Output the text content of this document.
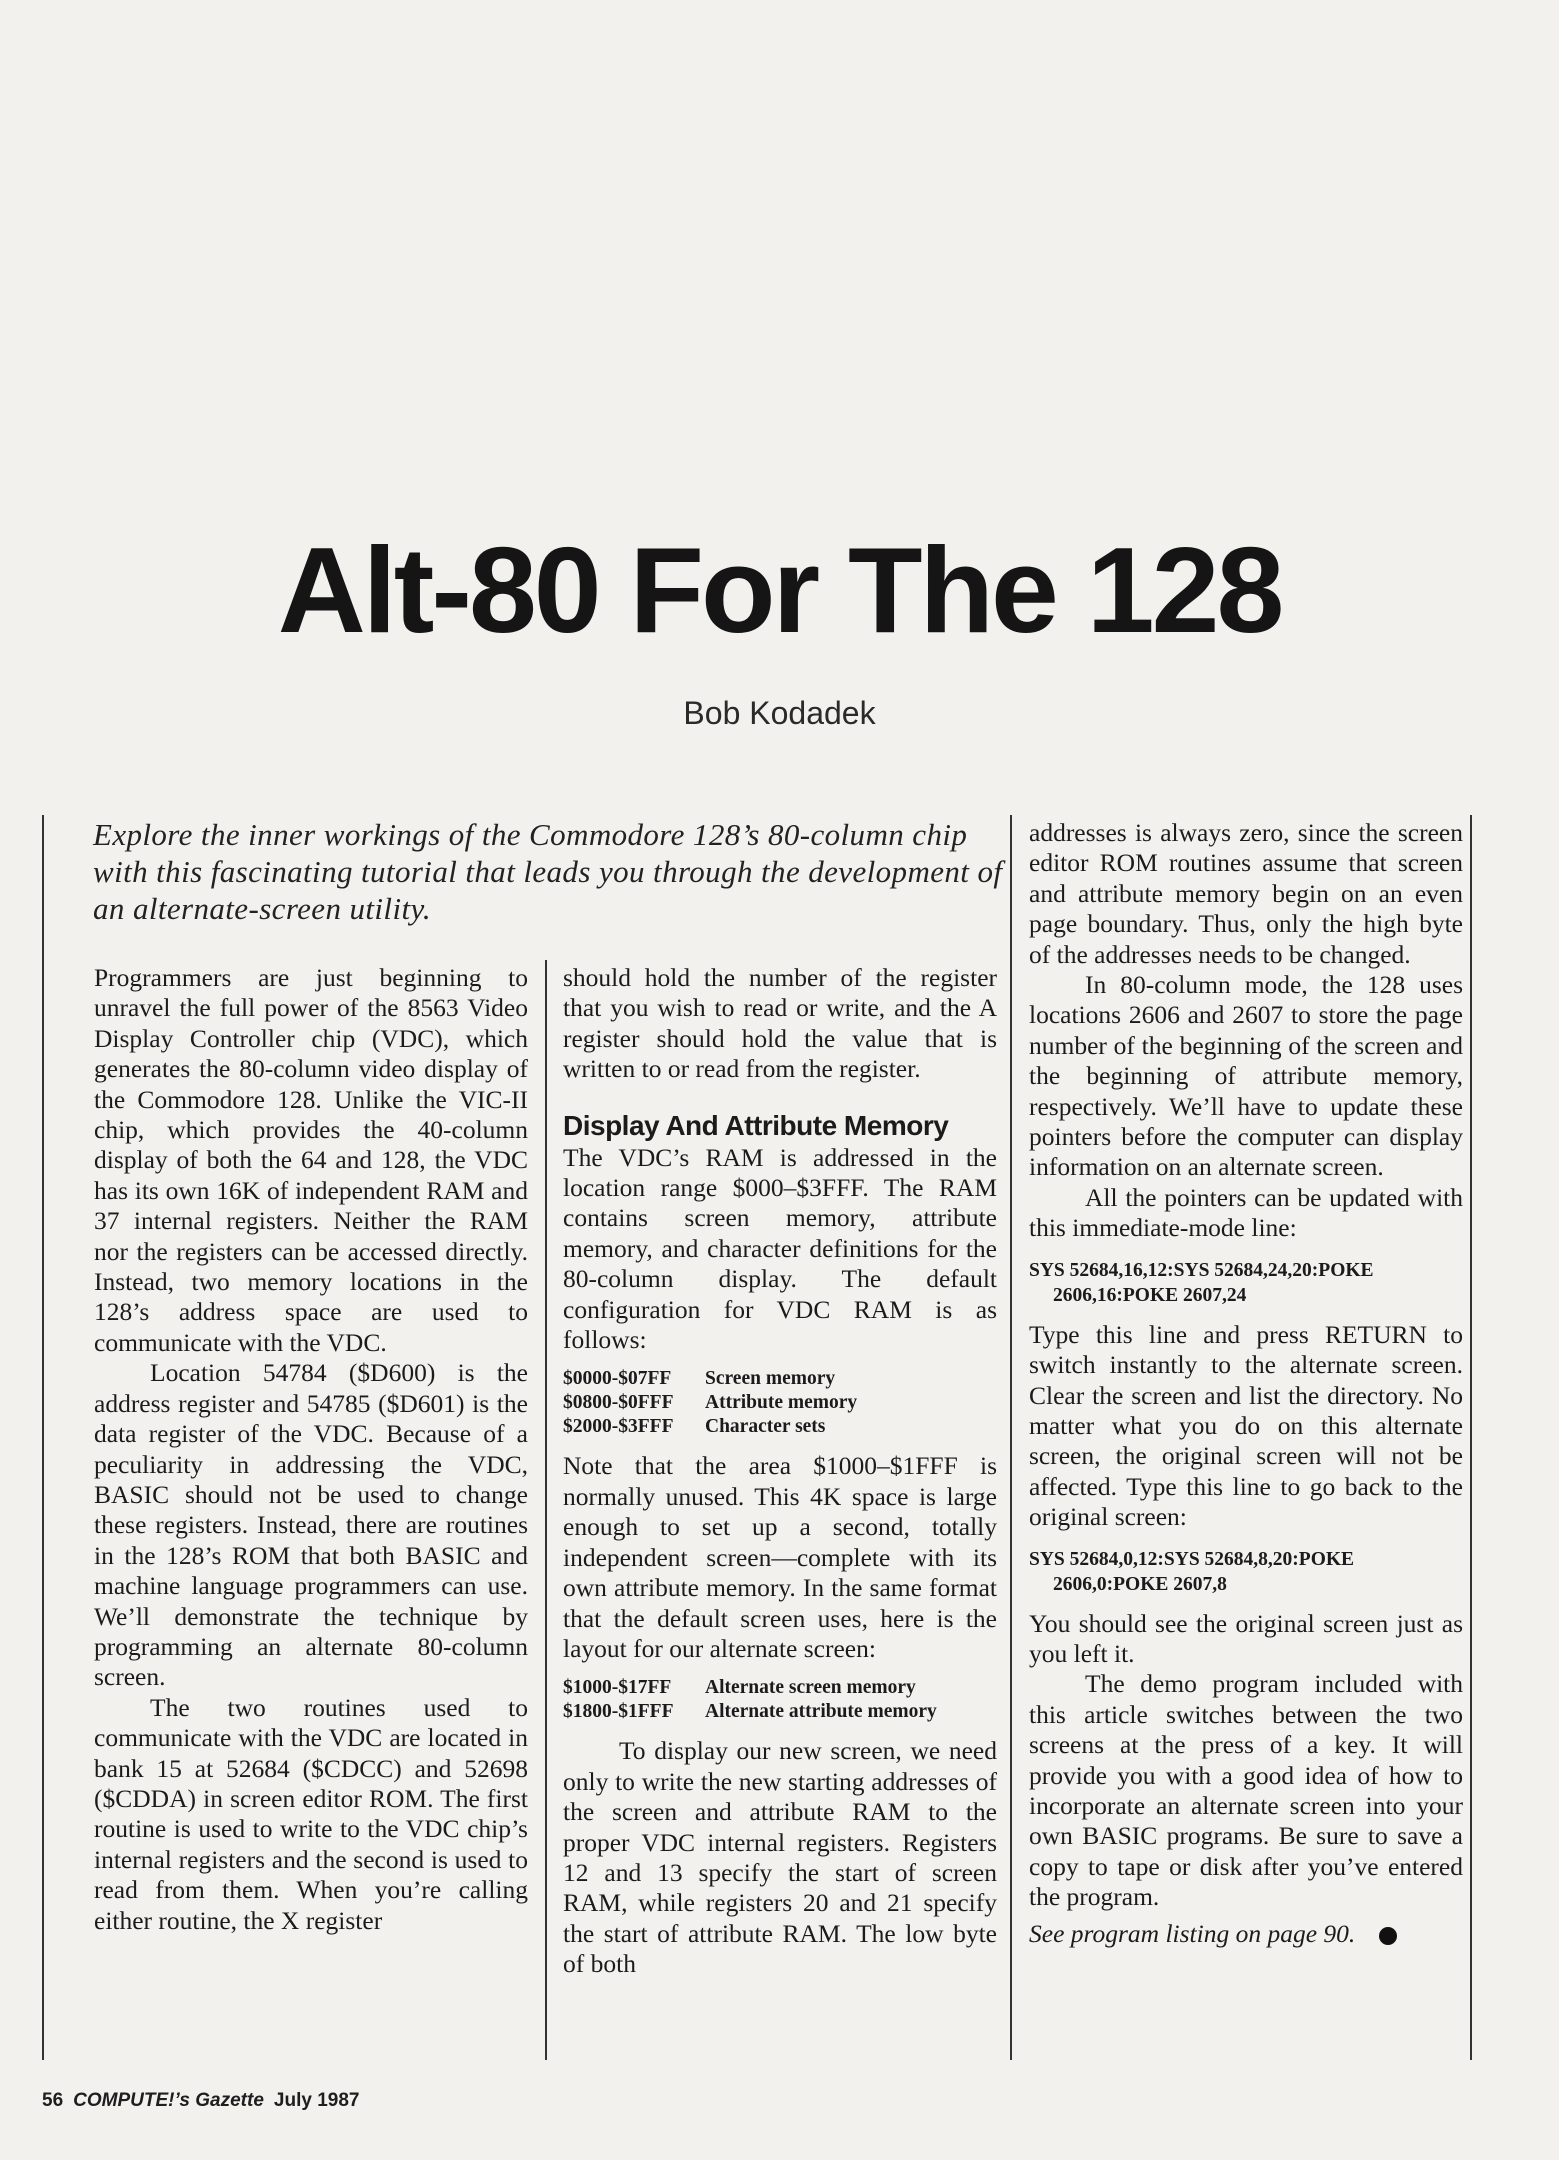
Alt-80 For The 128
Bob Kodadek
Explore the inner workings of the Commodore 128’s 80-column chip with this fascinating tutorial that leads you through the development of an alternate-screen utility.

Programmers are just beginning to unravel the full power of the 8563 Video Display Controller chip (VDC), which generates the 80-column video display of the Commodore 128. Unlike the VIC-II chip, which provides the 40-column display of both the 64 and 128, the VDC has its own 16K of independent RAM and 37 internal registers. Neither the RAM nor the registers can be accessed directly. Instead, two memory locations in the 128’s address space are used to communicate with the VDC.

Location 54784 ($D600) is the address register and 54785 ($D601) is the data register of the VDC. Because of a peculiarity in addressing the VDC, BASIC should not be used to change these registers. Instead, there are routines in the 128’s ROM that both BASIC and machine language programmers can use. We’ll demonstrate the technique by programming an alternate 80-column screen.

The two routines used to communicate with the VDC are located in bank 15 at 52684 ($CDCC) and 52698 ($CDDA) in screen editor ROM. The first routine is used to write to the VDC chip’s internal registers and the second is used to read from them. When you’re calling either routine, the X register

should hold the number of the register that you wish to read or write, and the A register should hold the value that is written to or read from the register.

Display And Attribute Memory

The VDC’s RAM is addressed in the location range $000–$3FFF. The RAM contains screen memory, attribute memory, and character definitions for the 80-column display. The default configuration for VDC RAM is as follows:

$0000-$07FF Screen memory
$0800-$0FFF Attribute memory
$2000-$3FFF Character sets

Note that the area $1000–$1FFF is normally unused. This 4K space is large enough to set up a second, totally independent screen—complete with its own attribute memory. In the same format that the default screen uses, here is the layout for our alternate screen:

$1000-$17FF Alternate screen memory
$1800-$1FFF Alternate attribute memory

To display our new screen, we need only to write the new starting addresses of the screen and attribute RAM to the proper VDC internal registers. Registers 12 and 13 specify the start of screen RAM, while registers 20 and 21 specify the start of attribute RAM. The low byte of both

addresses is always zero, since the screen editor ROM routines assume that screen and attribute memory begin on an even page boundary. Thus, only the high byte of the addresses needs to be changed.

In 80-column mode, the 128 uses locations 2606 and 2607 to store the page number of the beginning of the screen and the beginning of attribute memory, respectively. We’ll have to update these pointers before the computer can display information on an alternate screen.

All the pointers can be updated with this immediate-mode line:

SYS 52684,16,12:SYS 52684,24,20:POKE
2606,16:POKE 2607,24

Type this line and press RETURN to switch instantly to the alternate screen. Clear the screen and list the directory. No matter what you do on this alternate screen, the original screen will not be affected. Type this line to go back to the original screen:

SYS 52684,0,12:SYS 52684,8,20:POKE
2606,0:POKE 2607,8

You should see the original screen just as you left it.

The demo program included with this article switches between the two screens at the press of a key. It will provide you with a good idea of how to incorporate an alternate screen into your own BASIC programs. Be sure to save a copy to tape or disk after you’ve entered the program.

See program listing on page 90.
56 COMPUTE!’s Gazette July 1987
